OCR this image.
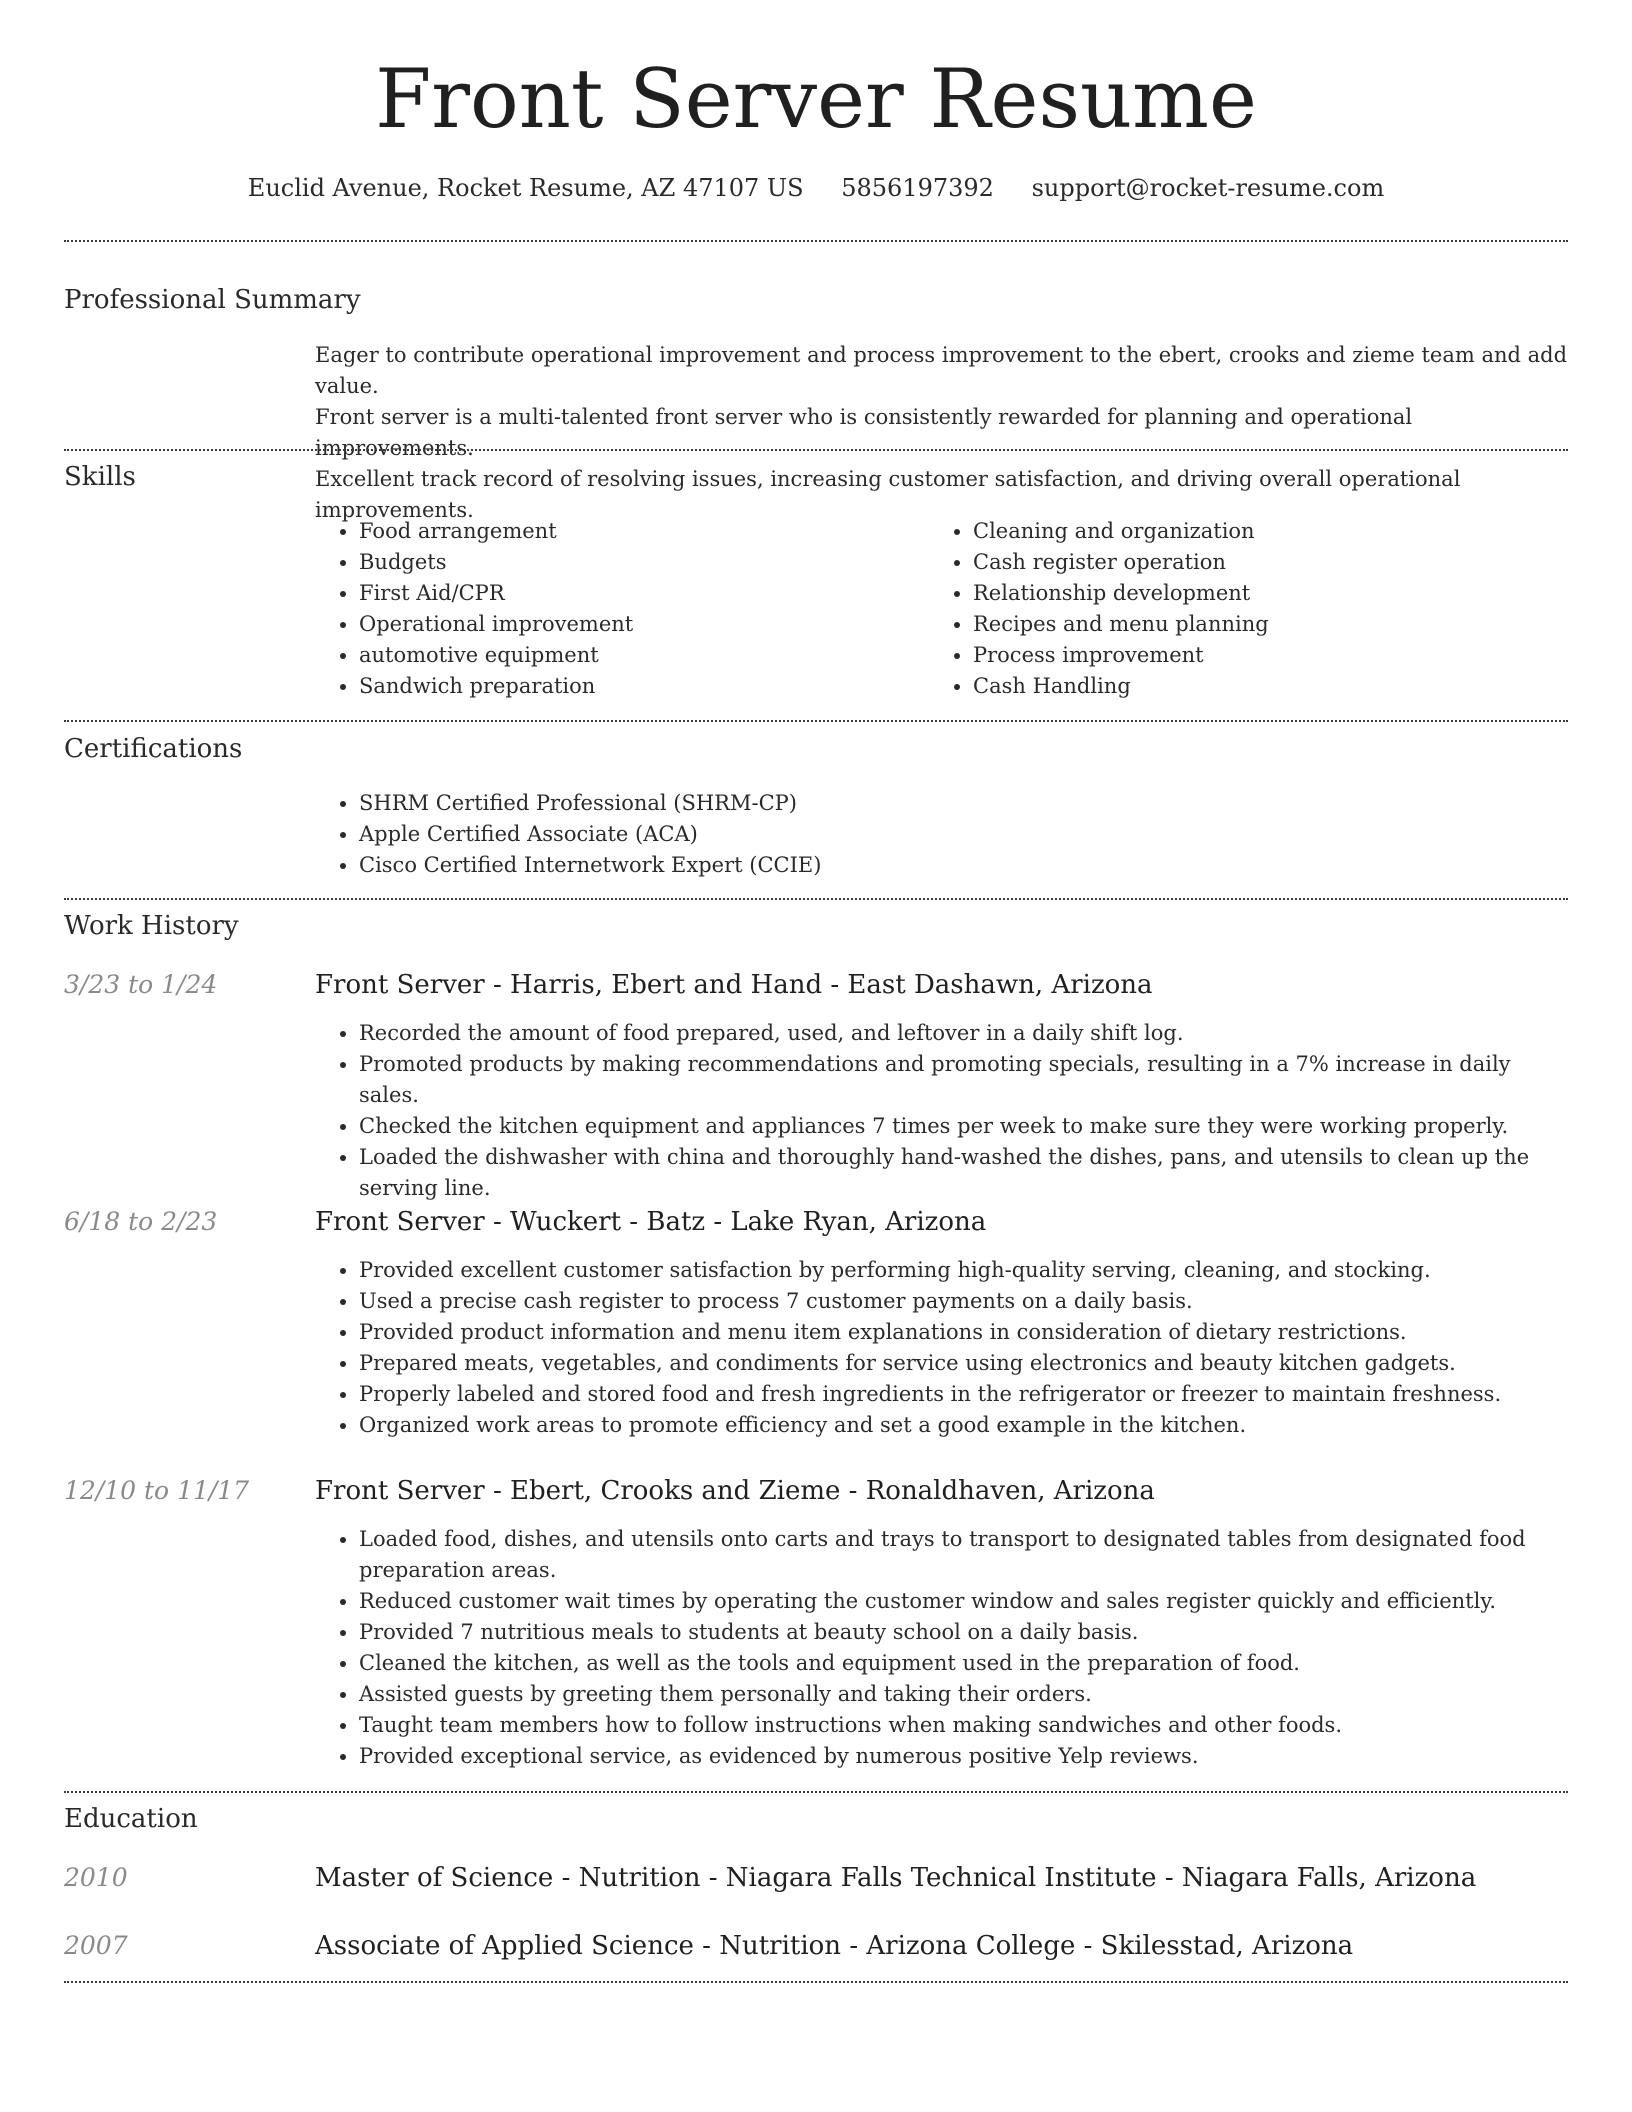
Front Server Resume
Euclid Avenue, Rocket Resume, AZ 47107 US 5856197392 support@rocket-resume.com
Professional Summary
Eager to contribute operational improvement and process improvement to the ebert, crooks and zieme team and add value.
Front server is a multi-talented front server who is consistently rewarded for planning and operational improvements.
Excellent track record of resolving issues, increasing customer satisfaction, and driving overall operational improvements.
Skills
• Food arrangement
• Budgets
• First Aid/CPR
• Operational improvement
• automotive equipment
• Sandwich preparation
• Cleaning and organization
• Cash register operation
• Relationship development
• Recipes and menu planning
• Process improvement
• Cash Handling
Certifications
• SHRM Certified Professional (SHRM-CP)
• Apple Certified Associate (ACA)
• Cisco Certified Internetwork Expert (CCIE)
Work History
3/23 to 1/24	Front Server - Harris, Ebert and Hand - East Dashawn, Arizona
• Recorded the amount of food prepared, used, and leftover in a daily shift log.
• Promoted products by making recommendations and promoting specials, resulting in a 7% increase in daily sales.
• Checked the kitchen equipment and appliances 7 times per week to make sure they were working properly.
• Loaded the dishwasher with china and thoroughly hand-washed the dishes, pans, and utensils to clean up the serving line.
6/18 to 2/23	Front Server - Wuckert - Batz - Lake Ryan, Arizona
• Provided excellent customer satisfaction by performing high-quality serving, cleaning, and stocking.
• Used a precise cash register to process 7 customer payments on a daily basis.
• Provided product information and menu item explanations in consideration of dietary restrictions.
• Prepared meats, vegetables, and condiments for service using electronics and beauty kitchen gadgets.
• Properly labeled and stored food and fresh ingredients in the refrigerator or freezer to maintain freshness.
• Organized work areas to promote efficiency and set a good example in the kitchen.
12/10 to 11/17	Front Server - Ebert, Crooks and Zieme - Ronaldhaven, Arizona
• Loaded food, dishes, and utensils onto carts and trays to transport to designated tables from designated food preparation areas.
• Reduced customer wait times by operating the customer window and sales register quickly and efficiently.
• Provided 7 nutritious meals to students at beauty school on a daily basis.
• Cleaned the kitchen, as well as the tools and equipment used in the preparation of food.
• Assisted guests by greeting them personally and taking their orders.
• Taught team members how to follow instructions when making sandwiches and other foods.
• Provided exceptional service, as evidenced by numerous positive Yelp reviews.
Education
2010	Master of Science - Nutrition - Niagara Falls Technical Institute - Niagara Falls, Arizona
2007	Associate of Applied Science - Nutrition - Arizona College - Skilesstad, Arizona
